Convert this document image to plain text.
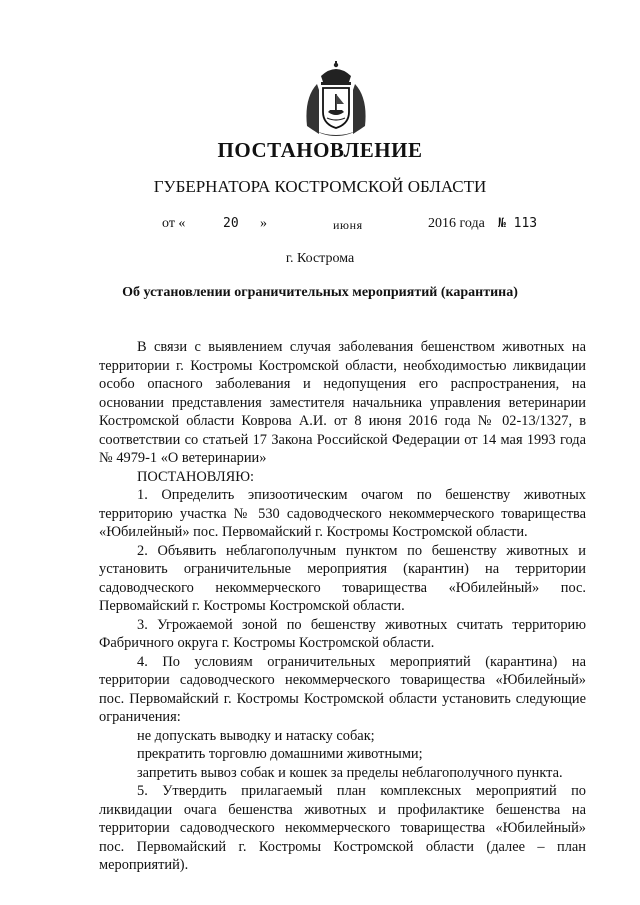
ПОСТАНОВЛЕНИЕ
ГУБЕРНАТОРА КОСТРОМСКОЙ ОБЛАСТИ
от «	20 »	июня	2016 года № 113
г. Кострома
Об установлении ограничительных мероприятий (карантина)

В связи с выявлением случая заболевания бешенством животных на территории г. Костромы Костромской области, необходимостью ликвидации особо опасного заболевания и недопущения его распространения, на основании представления заместителя начальника управления ветеринарии Костромской области Коврова А.И. от 8 июня 2016 года № 02-13/1327, в соответствии со статьей 17 Закона Российской Федерации от 14 мая 1993 года № 4979-1 «О ветеринарии»

ПОСТАНОВЛЯЮ:

1. Определить эпизоотическим очагом по бешенству животных территорию участка № 530 садоводческого некоммерческого товарищества «Юбилейный» пос. Первомайский г. Костромы Костромской области.

2. Объявить неблагополучным пунктом по бешенству животных и установить ограничительные мероприятия (карантин) на территории садоводческого некоммерческого товарищества «Юбилейный» пос. Первомайский г. Костромы Костромской области.

3. Угрожаемой зоной по бешенству животных считать территорию Фабричного округа г. Костромы Костромской области.

4. По условиям ограничительных мероприятий (карантина) на территории садоводческого некоммерческого товарищества «Юбилейный» пос. Первомайский г. Костромы Костромской области установить следующие ограничения:

не допускать выводку и натаску собак;

прекратить торговлю домашними животными;

запретить вывоз собак и кошек за пределы неблагополучного пункта.

5. Утвердить прилагаемый план комплексных мероприятий по ликвидации очага бешенства животных и профилактике бешенства на территории садоводческого некоммерческого товарищества «Юбилейный» пос. Первомайский г. Костромы Костромской области (далее – план мероприятий).
